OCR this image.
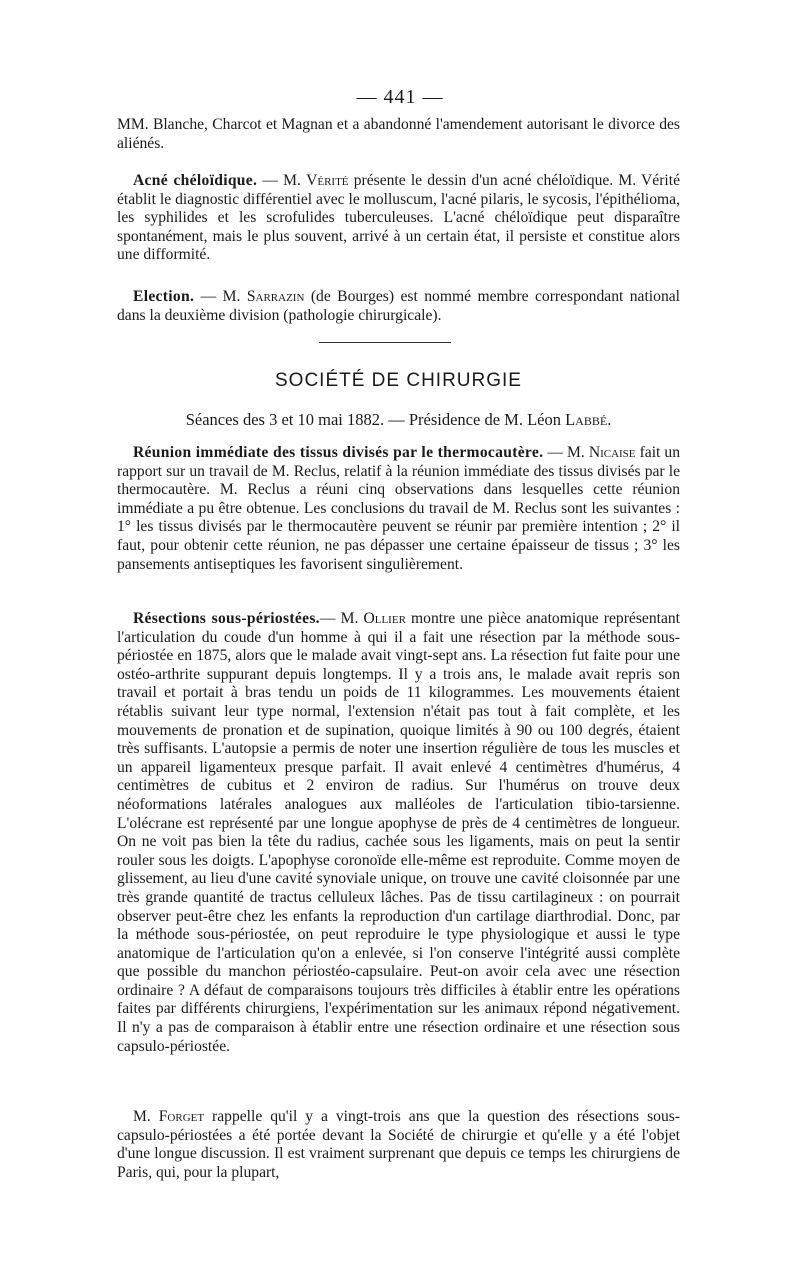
— 441 —

MM. Blanche, Charcot et Magnan et a abandonné l'amendement autorisant le divorce des aliénés.

Acné chéloïdique. — M. Vérité présente le dessin d'un acné chéloïdique. M. Vérité établit le diagnostic différentiel avec le molluscum, l'acné pilaris, le sycosis, l'épithélioma, les syphilides et les scrofulides tuberculeuses. L'acné chéloïdique peut disparaître spontanément, mais le plus souvent, arrivé à un certain état, il persiste et constitue alors une difformité.

Election. — M. Sarrazin (de Bourges) est nommé membre correspondant national dans la deuxième division (pathologie chirurgicale).

SOCIÉTÉ DE CHIRURGIE
Séances des 3 et 10 mai 1882. — Présidence de M. Léon Labbé.

Réunion immédiate des tissus divisés par le thermocautère. — M. Nicaise fait un rapport sur un travail de M. Reclus, relatif à la réunion immédiate des tissus divisés par le thermocautère. M. Reclus a réuni cinq observations dans lesquelles cette réunion immédiate a pu être obtenue. Les conclusions du travail de M. Reclus sont les suivantes : 1° les tissus divisés par le thermocautère peuvent se réunir par première intention ; 2° il faut, pour obtenir cette réunion, ne pas dépasser une certaine épaisseur de tissus ; 3° les pansements antiseptiques les favorisent singulièrement.

Résections sous-périostées.— M. Ollier montre une pièce anatomique représentant l'articulation du coude d'un homme à qui il a fait une résection par la méthode sous-périostée en 1875, alors que le malade avait vingt-sept ans. La résection fut faite pour une ostéo-arthrite suppurant depuis longtemps. Il y a trois ans, le malade avait repris son travail et portait à bras tendu un poids de 11 kilogrammes. Les mouvements étaient rétablis suivant leur type normal, l'extension n'était pas tout à fait complète, et les mouvements de pronation et de supination, quoique limités à 90 ou 100 degrés, étaient très suffisants. L'autopsie a permis de noter une insertion régulière de tous les muscles et un appareil ligamenteux presque parfait. Il avait enlevé 4 centimètres d'humérus, 4 centimètres de cubitus et 2 environ de radius. Sur l'humérus on trouve deux néoformations latérales analogues aux malléoles de l'articulation tibio-tarsienne. L'olécrane est représenté par une longue apophyse de près de 4 centimètres de longueur. On ne voit pas bien la tête du radius, cachée sous les ligaments, mais on peut la sentir rouler sous les doigts. L'apophyse coronoïde elle-même est reproduite. Comme moyen de glissement, au lieu d'une cavité synoviale unique, on trouve une cavité cloisonnée par une très grande quantité de tractus celluleux lâches. Pas de tissu cartilagineux : on pourrait observer peut-être chez les enfants la reproduction d'un cartilage diarthrodial. Donc, par la méthode sous-périostée, on peut reproduire le type physiologique et aussi le type anatomique de l'articulation qu'on a enlevée, si l'on conserve l'intégrité aussi complète que possible du manchon périostéo-capsulaire. Peut-on avoir cela avec une résection ordinaire ? A défaut de comparaisons toujours très difficiles à établir entre les opérations faites par différents chirurgiens, l'expérimentation sur les animaux répond négativement. Il n'y a pas de comparaison à établir entre une résection ordinaire et une résection sous capsulo-périostée.

M. Forget rappelle qu'il y a vingt-trois ans que la question des résections sous-capsulo-périostées a été portée devant la Société de chirurgie et qu'elle y a été l'objet d'une longue discussion. Il est vraiment surprenant que depuis ce temps les chirurgiens de Paris, qui, pour la plupart,
